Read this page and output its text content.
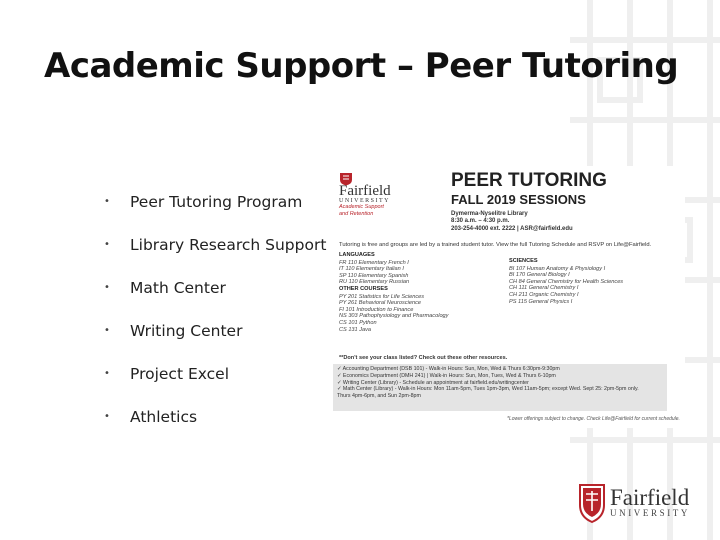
Academic Support – Peer Tutoring
•	Peer Tutoring Program
•	Library Research Support
•	Math Center
•	Writing Center
•	Project Excel
•	Athletics
Fairfield
UNIVERSITY
Academic Support
and Retention
PEER TUTORING
FALL 2019 SESSIONS
Dymerma-Nyselitre Library
8:30 a.m. – 4:30 p.m.
203-254-4000 ext. 2222 | ASR@fairfield.edu
Tutoring is free and groups are led by a trained student tutor. View the full Tutoring Schedule and RSVP on Life@Fairfield.
LANGUAGES
FR 110 Elementary French I
IT 110 Elementary Italian I
SP 110 Elementary Spanish
RU 110 Elementary Russian
OTHER COURSES
PY 201 Statistics for Life Sciences
PY 261 Behavioral Neuroscience
FI 101 Introduction to Finance
NS 303 Pathophysiology and Pharmacology
CS 101 Python
CS 131 Java
SCIENCES
BI 107 Human Anatomy & Physiology I
BI 170 General Biology I
CH 84 General Chemistry for Health Sciences
CH 111 General Chemistry I
CH 211 Organic Chemistry I
PS 115 General Physics I
**Don't see your class listed? Check out these other resources.
✓ Accounting Department (DSB 101) - Walk-in Hours: Sun, Mon, Wed & Thurs 6:30pm-9:30pm
✓ Economics Department (DMH 241) | Walk-in Hours: Sun, Mon, Tues, Wed & Thurs 6-10pm
✓ Writing Center (Library) - Schedule an appointment at fairfield.edu/writingcenter
✓ Math Center (Library) - Walk-in Hours: Mon 11am-5pm, Tues 1pm-3pm, Wed 11am-5pm; except Wed. Sept 25: 2pm-5pm only.
Thurs 4pm-6pm, and Sun 2pm-8pm
*Lower offerings subject to change. Check Life@Fairfield for current schedule.
Fairfield
UNIVERSITY
